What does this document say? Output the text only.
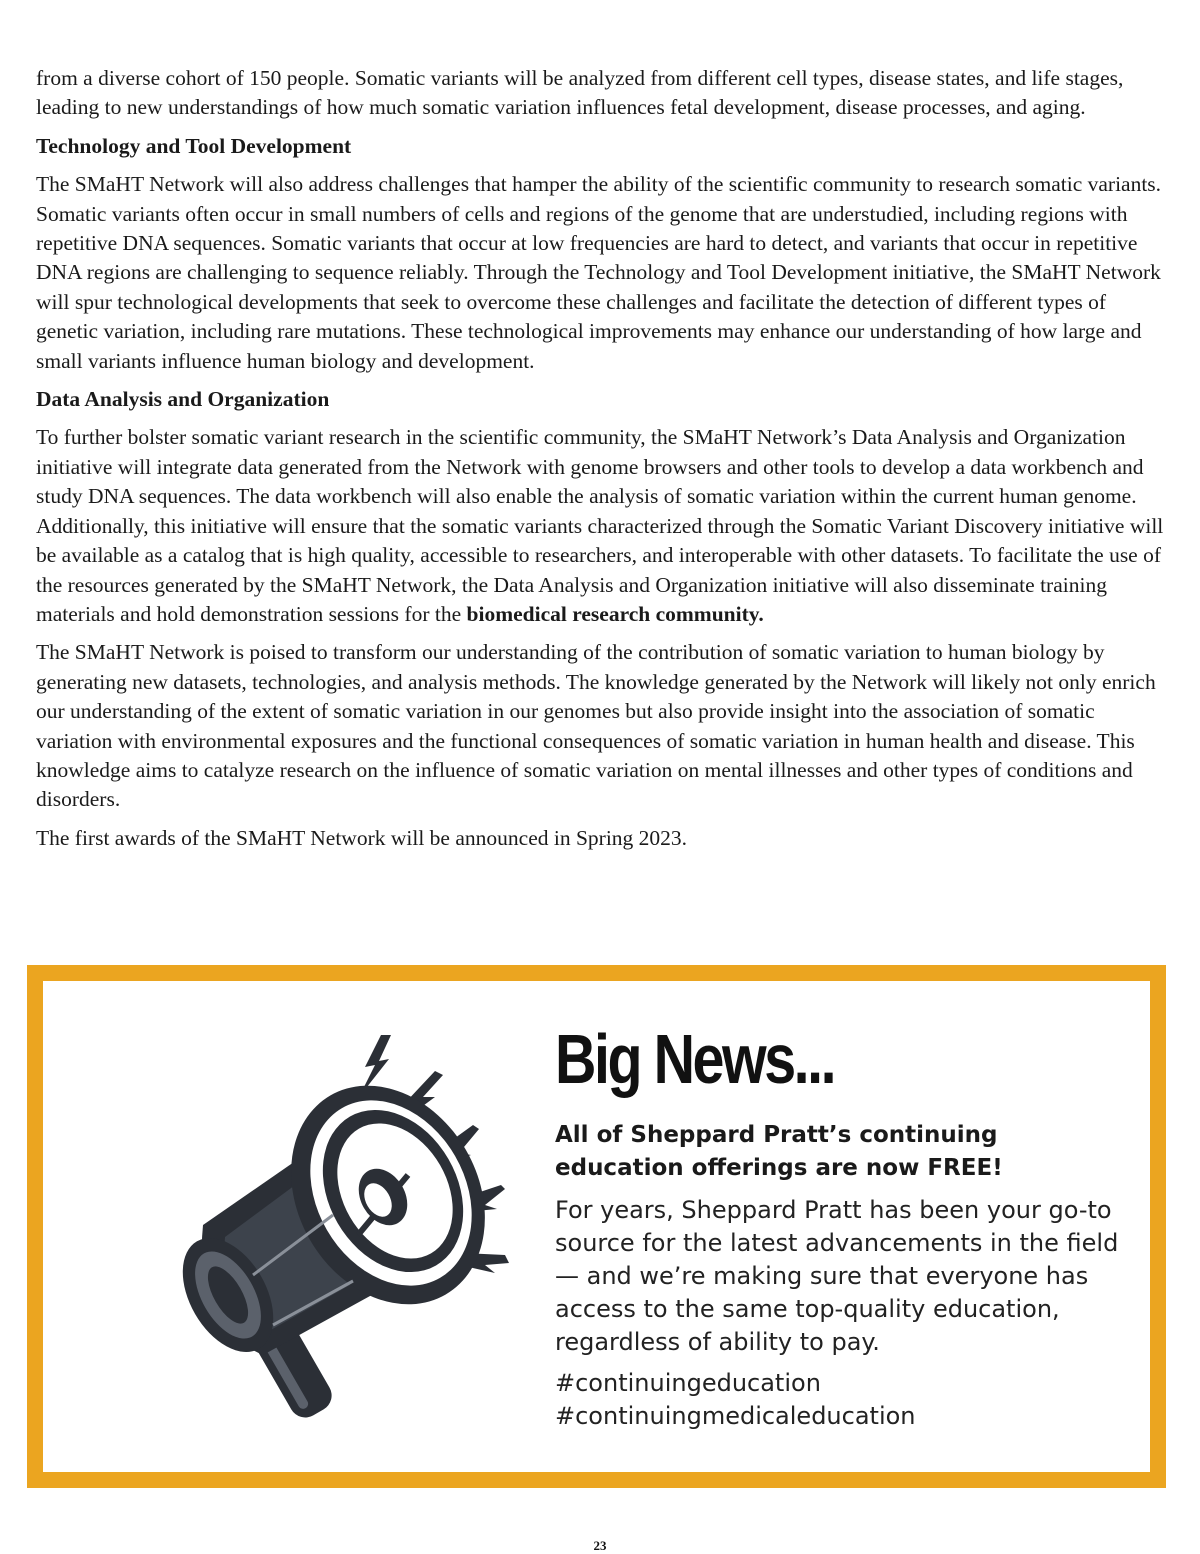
from a diverse cohort of 150 people. Somatic variants will be analyzed from different cell types, disease states, and life stages, leading to new understandings of how much somatic variation influences fetal development, disease processes, and aging.

Technology and Tool Development

The SMaHT Network will also address challenges that hamper the ability of the scientific community to research somatic variants. Somatic variants often occur in small numbers of cells and regions of the genome that are understudied, including regions with repetitive DNA sequences. Somatic variants that occur at low frequencies are hard to detect, and variants that occur in repetitive DNA regions are challenging to sequence reliably. Through the Technology and Tool Development initiative, the SMaHT Network will spur technological developments that seek to overcome these challenges and facilitate the detection of different types of genetic variation, including rare mutations. These technological improvements may enhance our understanding of how large and small variants influence human biology and development.

Data Analysis and Organization

To further bolster somatic variant research in the scientific community, the SMaHT Network’s Data Analysis and Organization initiative will integrate data generated from the Network with genome browsers and other tools to develop a data workbench and study DNA sequences. The data workbench will also enable the analysis of somatic variation within the current human genome. Additionally, this initiative will ensure that the somatic variants characterized through the Somatic Variant Discovery initiative will be available as a catalog that is high quality, accessible to researchers, and interoperable with other datasets. To facilitate the use of the resources generated by the SMaHT Network, the Data Analysis and Organization initiative will also disseminate training materials and hold demonstration sessions for the biomedical research community.

The SMaHT Network is poised to transform our understanding of the contribution of somatic variation to human biology by generating new datasets, technologies, and analysis methods. The knowledge generated by the Network will likely not only enrich our understanding of the extent of somatic variation in our genomes but also provide insight into the association of somatic variation with environmental exposures and the functional consequences of somatic variation in human health and disease. This knowledge aims to catalyze research on the influence of somatic variation on mental illnesses and other types of conditions and disorders.

The first awards of the SMaHT Network will be announced in Spring 2023.

Big News...
All of Sheppard Pratt’s continuing education offerings are now FREE!
For years, Sheppard Pratt has been your go-to source for the latest advancements in the field — and we’re making sure that everyone has access to the same top-quality education, regardless of ability to pay.
#continuingeducation
#continuingmedicaleducation
23
